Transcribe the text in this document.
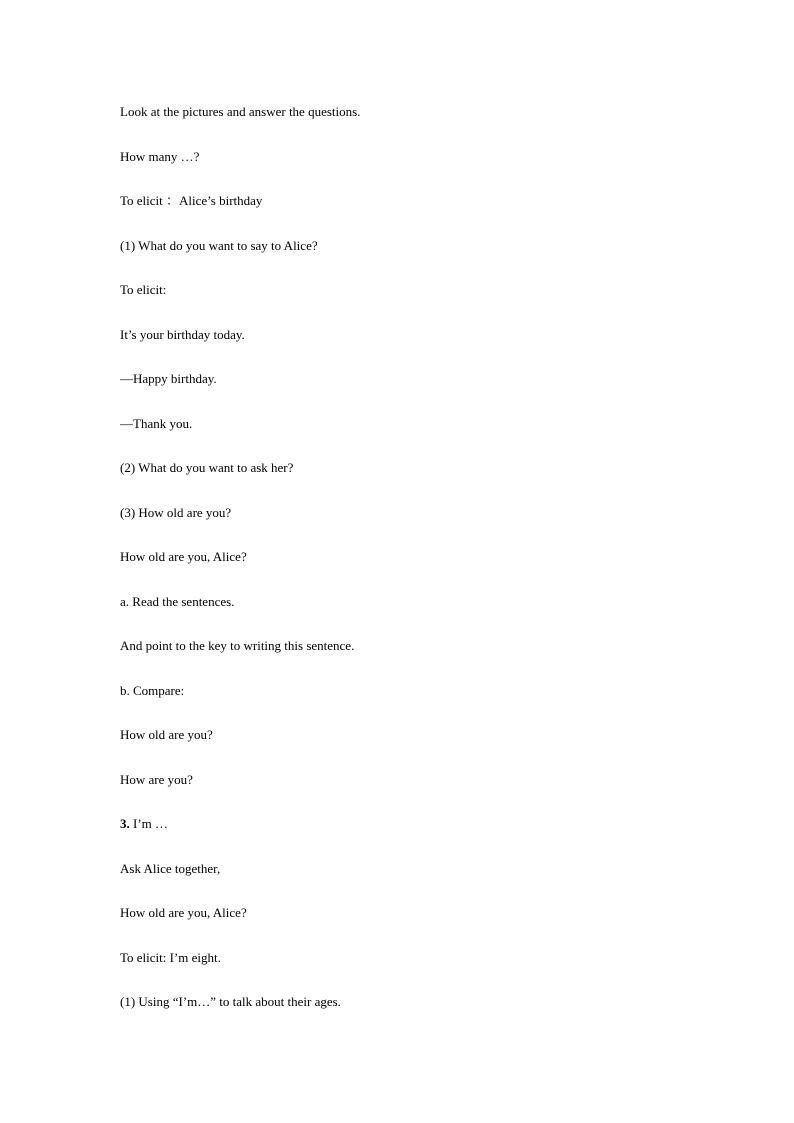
Look at the pictures and answer the questions.
How many …?
To elicit ：Alice’s birthday
(1) What do you want to say to Alice?
To elicit:
It’s your birthday today.
—Happy birthday.
—Thank you.
(2) What do you want to ask her?
(3) How old are you?
How old are you, Alice?
a. Read the sentences.
And point to the key to writing this sentence.
b. Compare:
How old are you?
How are you?
3. I’m …
Ask Alice together,
How old are you, Alice?
To elicit: I’m eight.
(1) Using “I’m…” to talk about their ages.
